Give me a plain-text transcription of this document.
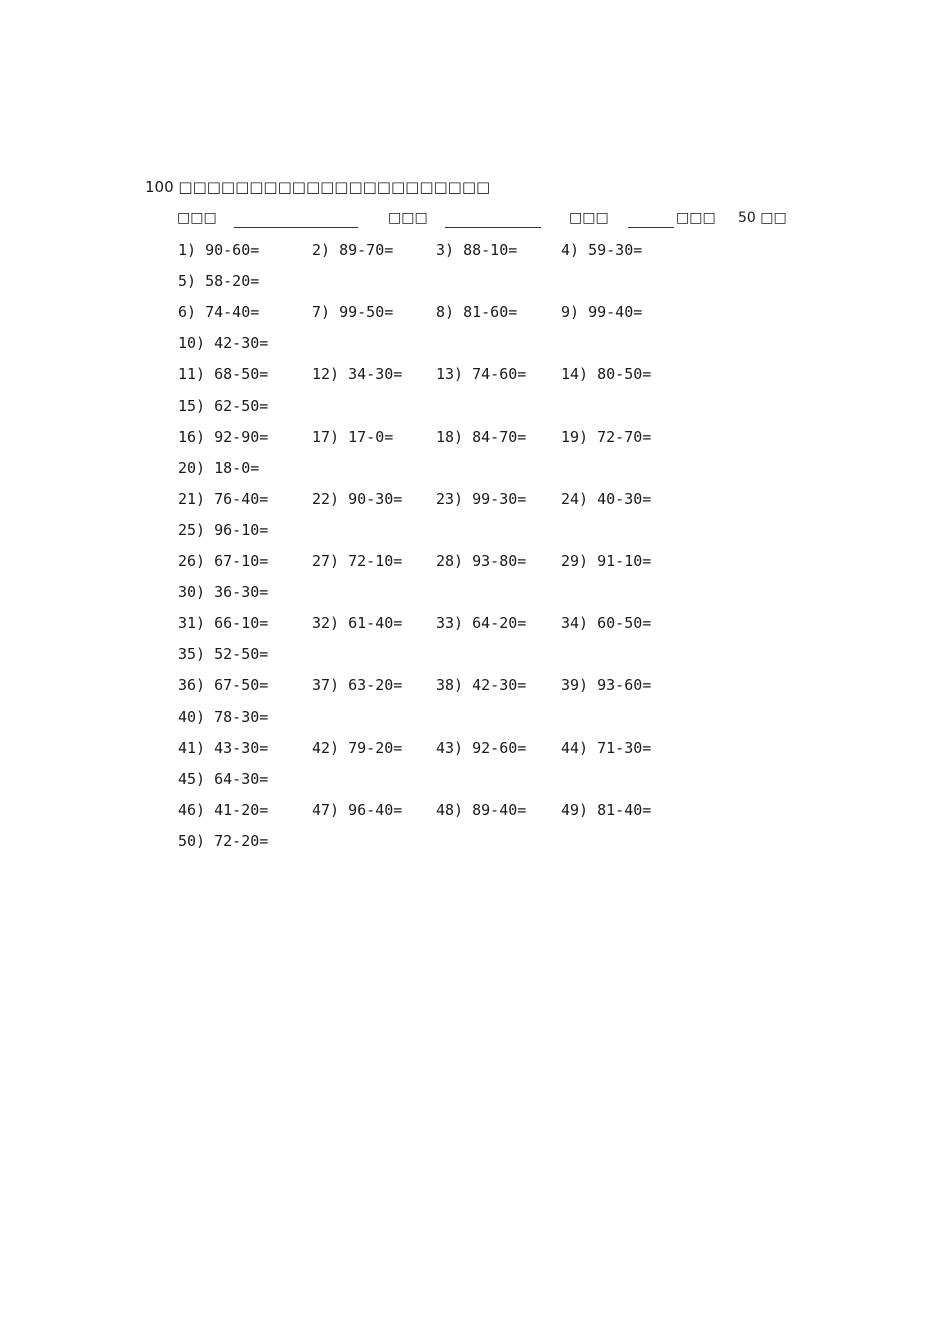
100 □□□□□□□□□□□□□□□□□□□□□□
□□□	□□□	□□□	□□□ 50 □□
1) 90-60=	2) 89-70=	3) 88-10=	4) 59-30=
5) 58-20=
6) 74-40=	7) 99-50=	8) 81-60=	9) 99-40=
10) 42-30=
11) 68-50=	12) 34-30= 13) 74-60= 14) 80-50=
15) 62-50=
16) 92-90=	17) 17-0=	18) 84-70= 19) 72-70=
20) 18-0=
21) 76-40=	22) 90-30= 23) 99-30= 24) 40-30=
25) 96-10=
26) 67-10=	27) 72-10= 28) 93-80= 29) 91-10=
30) 36-30=
31) 66-10=	32) 61-40= 33) 64-20= 34) 60-50=
35) 52-50=
36) 67-50=	37) 63-20= 38) 42-30= 39) 93-60=
40) 78-30=
41) 43-30=	42) 79-20= 43) 92-60= 44) 71-30=
45) 64-30=
46) 41-20=	47) 96-40= 48) 89-40= 49) 81-40=
50) 72-20=
